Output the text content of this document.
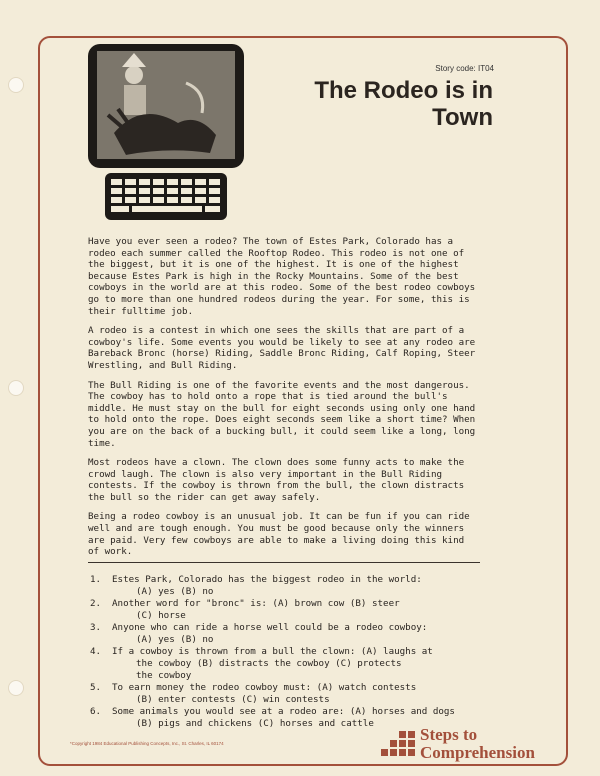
Story code: IT04
The Rodeo is in
Town

Have you ever seen a rodeo? The town of Estes Park, Colorado has a rodeo each summer called the Rooftop Rodeo. This rodeo is not one of the biggest, but it is one of the highest. It is one of the highest because Estes Park is high in the Rocky Mountains. Some of the best cowboys in the world are at this rodeo. Some of the best rodeo cowboys go to more than one hundred rodeos during the year. For some, this is their fulltime job.

A rodeo is a contest in which one sees the skills that are part of a cowboy's life. Some events you would be likely to see at any rodeo are Bareback Bronc (horse) Riding, Saddle Bronc Riding, Calf Roping, Steer Wrestling, and Bull Riding.

The Bull Riding is one of the favorite events and the most dangerous. The cowboy has to hold onto a rope that is tied around the bull's middle. He must stay on the bull for eight seconds using only one hand to hold onto the rope. Does eight seconds seem like a short time? When you are on the back of a bucking bull, it could seem like a long, long time.

Most rodeos have a clown. The clown does some funny acts to make the crowd laugh. The clown is also very important in the Bull Riding contests. If the cowboy is thrown from the bull, the clown distracts the bull so the rider can get away safely.

Being a rodeo cowboy is an unusual job. It can be fun if you can ride well and are tough enough. You must be good because only the winners are paid. Very few cowboys are able to make a living doing this kind of work.

1.	Estes Park, Colorado has the biggest rodeo in the world:
(A) yes (B) no
2.	Another word for "bronc" is: (A) brown cow (B) steer
(C) horse
3.	Anyone who can ride a horse well could be a rodeo cowboy:
(A) yes (B) no
4.	If a cowboy is thrown from a bull the clown: (A) laughs at
the cowboy (B) distracts the cowboy (C) protects
the cowboy
5.	To earn money the rodeo cowboy must: (A) watch contests
(B) enter contests (C) win contests
6.	Some animals you would see at a rodeo are: (A) horses and dogs
(B) pigs and chickens (C) horses and cattle
*Copyright 1984 Educational Publishing Concepts, Inc., St. Charles, IL 60174	Steps to
Comprehension
